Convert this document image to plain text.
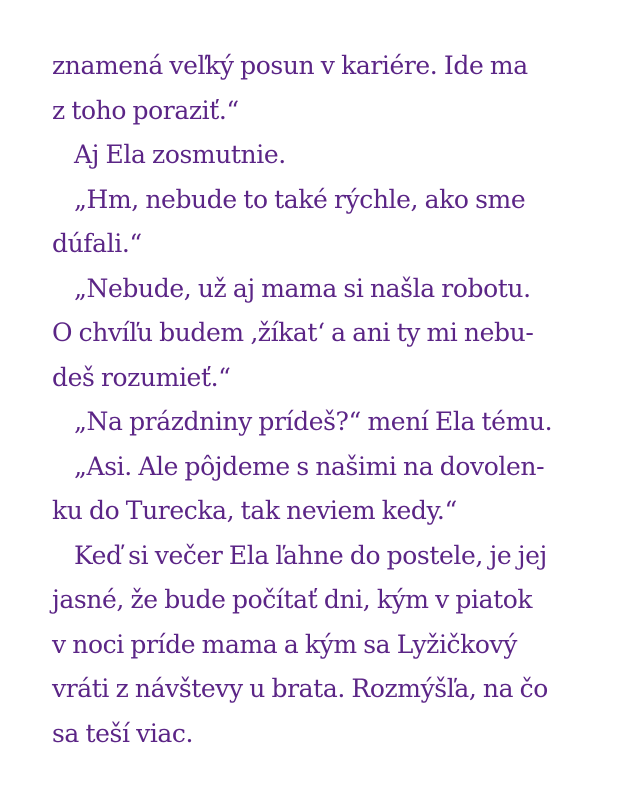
znamená veľký posun v kariére. Ide ma
z toho poraziť.“
Aj Ela zosmutnie.
„Hm, nebude to také rýchle, ako sme
dúfali.“
„Nebude, už aj mama si našla robotu.
O chvíľu budem ‚žíkat‘ a ani ty mi nebu-
deš rozumieť.“
„Na prázdniny prídeš?“ mení Ela tému.
„Asi. Ale pôjdeme s našimi na dovolen-
ku do Turecka, tak neviem kedy.“
Keď si večer Ela ľahne do postele, je jej
jasné, že bude počítať dni, kým v piatok
v noci príde mama a kým sa Lyžičkový
vráti z návštevy u brata. Rozmýšľa, na čo
sa teší viac.
